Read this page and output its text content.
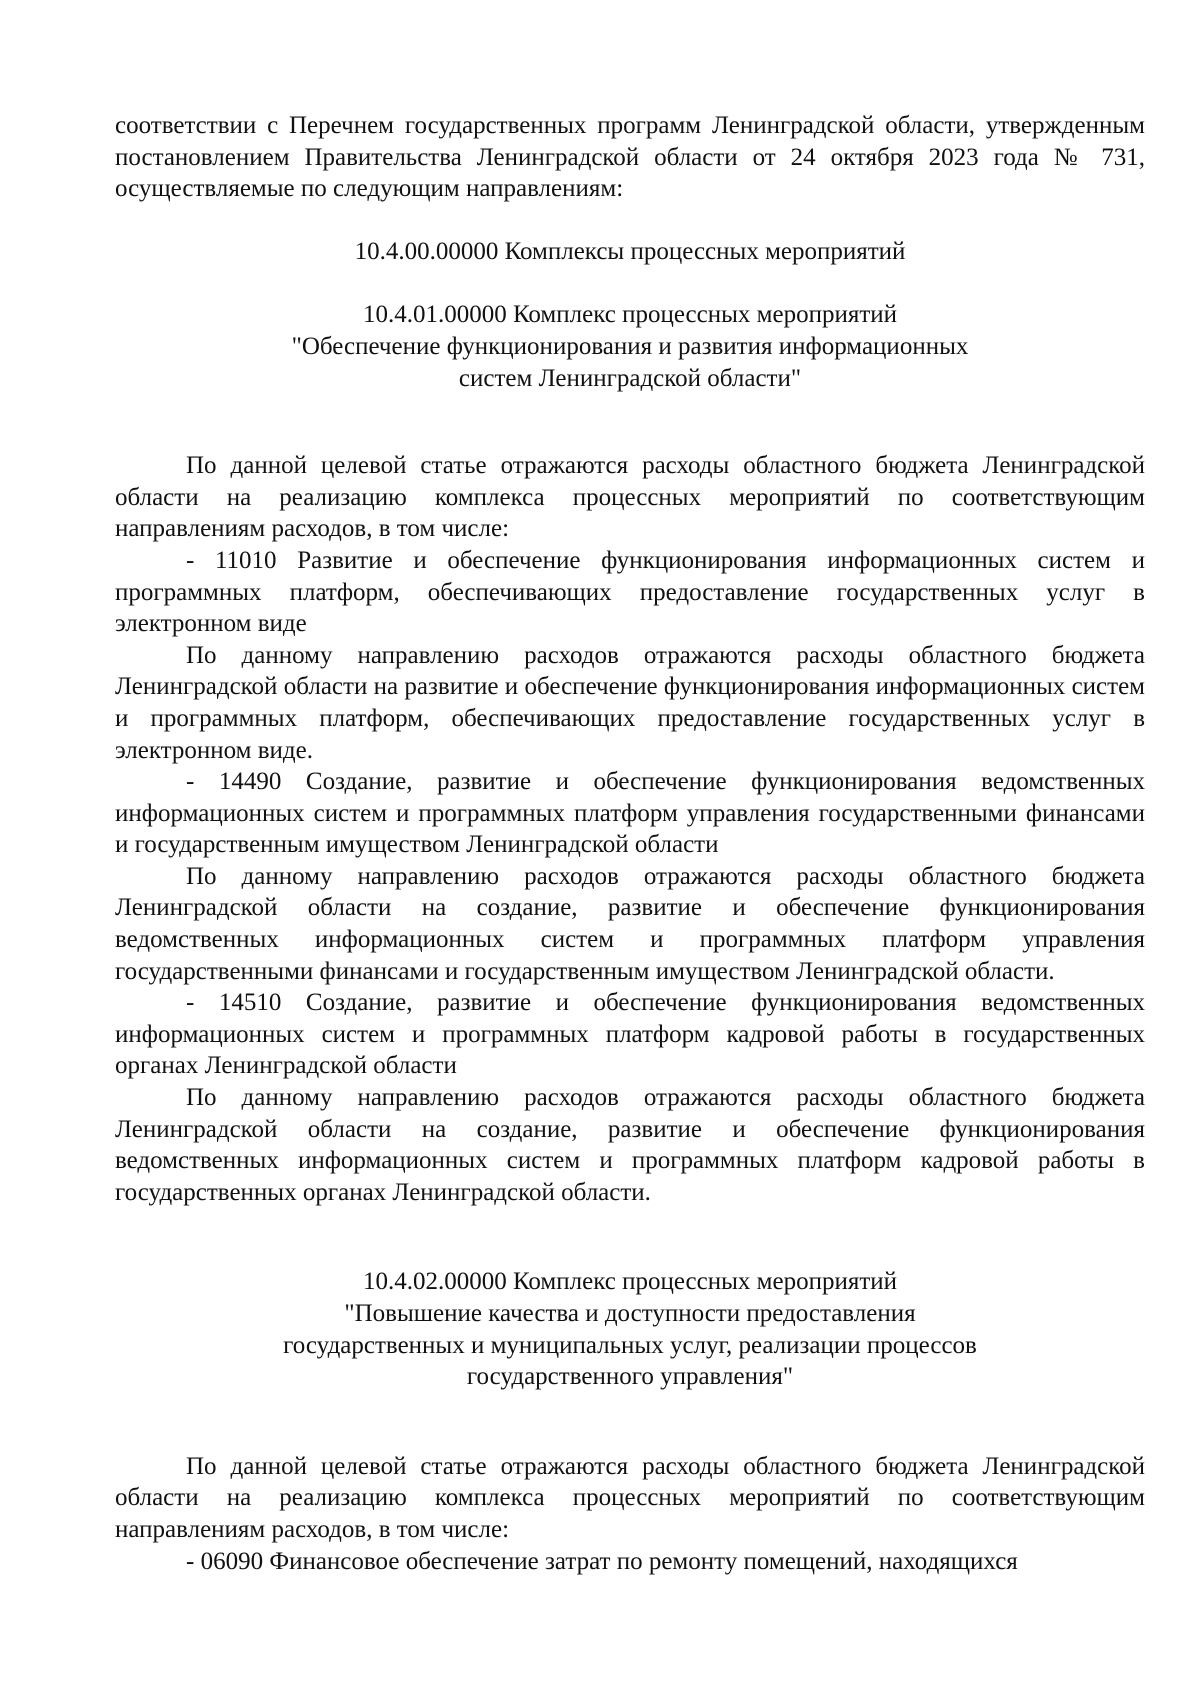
соответствии с Перечнем государственных программ Ленинградской области, утвержденным постановлением Правительства Ленинградской области от 24 октября 2023 года № 731, осуществляемые по следующим направлениям:

10.4.00.00000 Комплексы процессных мероприятий

10.4.01.00000 Комплекс процессных мероприятий

"Обеспечение функционирования и развития информационных

систем Ленинградской области"

По данной целевой статье отражаются расходы областного бюджета Ленинградской области на реализацию комплекса процессных мероприятий по соответствующим направлениям расходов, в том числе:

- 11010 Развитие и обеспечение функционирования информационных систем и программных платформ, обеспечивающих предоставление государственных услуг в электронном виде

По данному направлению расходов отражаются расходы областного бюджета Ленинградской области на развитие и обеспечение функционирования информационных систем и программных платформ, обеспечивающих предоставление государственных услуг в электронном виде.

- 14490 Создание, развитие и обеспечение функционирования ведомственных информационных систем и программных платформ управления государственными финансами и государственным имуществом Ленинградской области

По данному направлению расходов отражаются расходы областного бюджета Ленинградской области на создание, развитие и обеспечение функционирования ведомственных информационных систем и программных платформ управления государственными финансами и государственным имуществом Ленинградской области.

- 14510 Создание, развитие и обеспечение функционирования ведомственных информационных систем и программных платформ кадровой работы в государственных органах Ленинградской области

По данному направлению расходов отражаются расходы областного бюджета Ленинградской области на создание, развитие и обеспечение функционирования ведомственных информационных систем и программных платформ кадровой работы в государственных органах Ленинградской области.

10.4.02.00000 Комплекс процессных мероприятий

"Повышение качества и доступности предоставления

государственных и муниципальных услуг, реализации процессов

государственного управления"

По данной целевой статье отражаются расходы областного бюджета Ленинградской области на реализацию комплекса процессных мероприятий по соответствующим направлениям расходов, в том числе:

- 06090 Финансовое обеспечение затрат по ремонту помещений, находящихся
